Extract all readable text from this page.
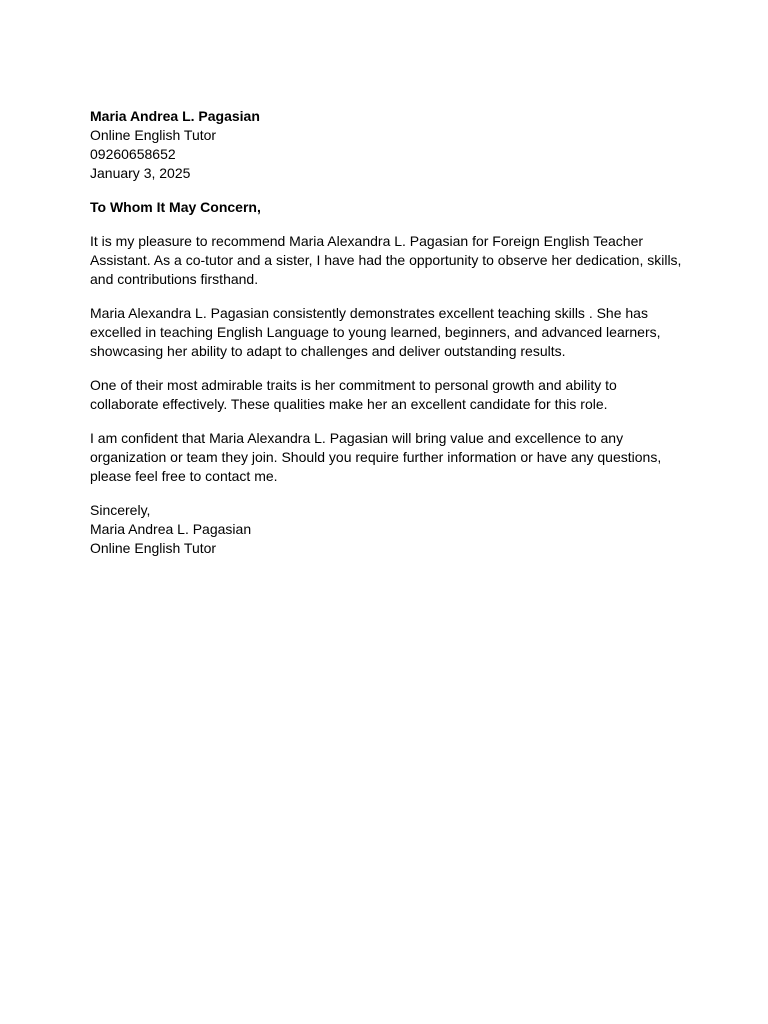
Maria Andrea L. Pagasian
Online English Tutor
09260658652
January 3, 2025
To Whom It May Concern,
It is my pleasure to recommend Maria Alexandra L. Pagasian for Foreign English Teacher
Assistant. As a co-tutor and a sister, I have had the opportunity to observe her dedication, skills,
and contributions firsthand.
Maria Alexandra L. Pagasian consistently demonstrates excellent teaching skills . She has
excelled in teaching English Language to young learned, beginners, and advanced learners,
showcasing her ability to adapt to challenges and deliver outstanding results.
One of their most admirable traits is her commitment to personal growth and ability to
collaborate effectively. These qualities make her an excellent candidate for this role.
I am confident that Maria Alexandra L. Pagasian will bring value and excellence to any
organization or team they join. Should you require further information or have any questions,
please feel free to contact me.
Sincerely,
Maria Andrea L. Pagasian
Online English Tutor
